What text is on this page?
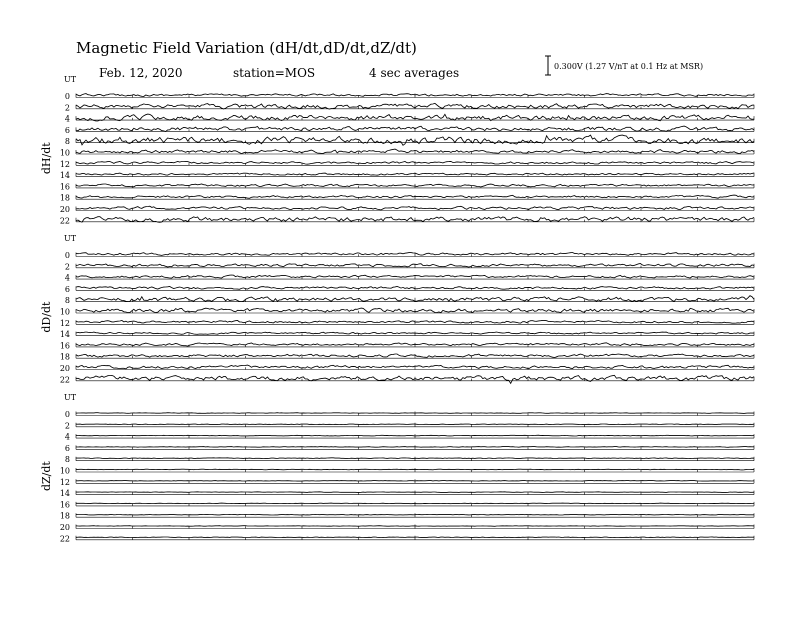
Magnetic Field Variation (dH/dt,dD/dt,dZ/dt)
Feb. 12, 2020	station=MOS	4 sec averages	0.300V (1.27 V/nT at 0.1 Hz at MSR)
UT
dH/dt
0
2
4
6
8
10
12
14
16
18
20
22
UT
dD/dt
0
2
4
6
8
10
12
14
16
18
20
22
UT
dZ/dt
0
2
4
6
8
10
12
14
16
18
20
22
